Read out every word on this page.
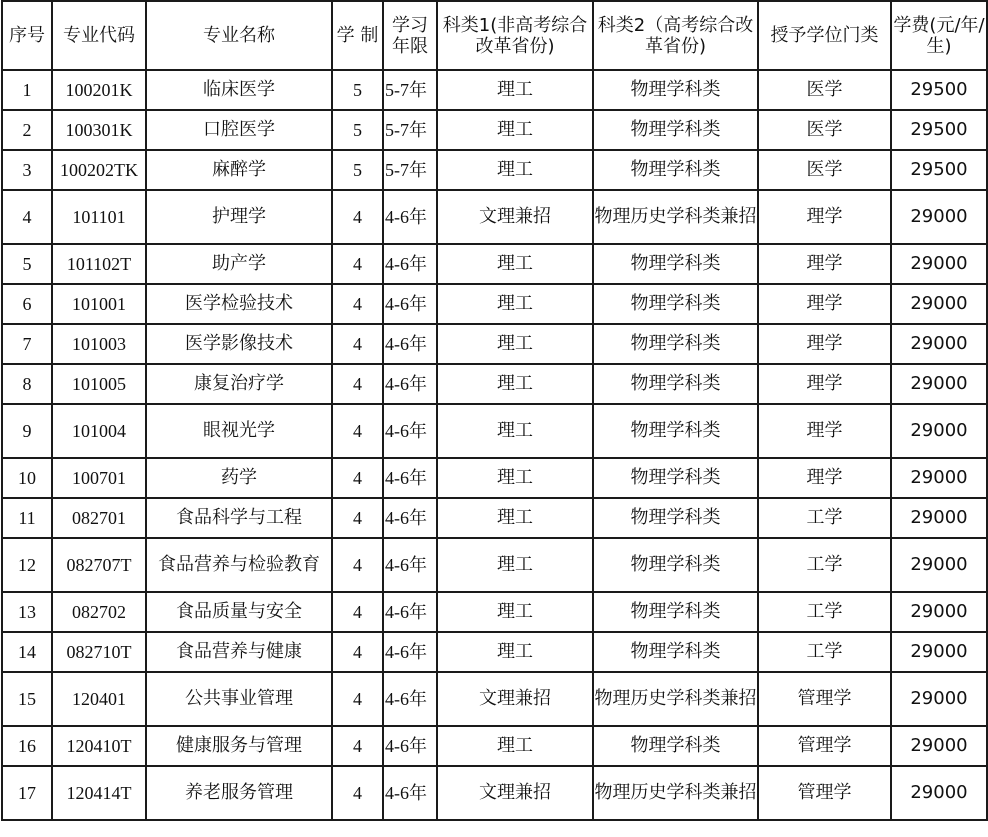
序号	专业代码	专业名称	学 制	学习年限	科类1(非高考综合改革省份)	科类2（高考综合改革省份)	授予学位门类	学费(元/年/生)
1	100201K	临床医学	5	5-7年	理工	物理学科类	医学	29500
2	100301K	口腔医学	5	5-7年	理工	物理学科类	医学	29500
3	100202TK	麻醉学	5	5-7年	理工	物理学科类	医学	29500
4	101101	护理学	4	4-6年	文理兼招	物理历史学科类兼招	理学	29000
5	101102T	助产学	4	4-6年	理工	物理学科类	理学	29000
6	101001	医学检验技术	4	4-6年	理工	物理学科类	理学	29000
7	101003	医学影像技术	4	4-6年	理工	物理学科类	理学	29000
8	101005	康复治疗学	4	4-6年	理工	物理学科类	理学	29000
9	101004	眼视光学	4	4-6年	理工	物理学科类	理学	29000
10	100701	药学	4	4-6年	理工	物理学科类	理学	29000
11	082701	食品科学与工程	4	4-6年	理工	物理学科类	工学	29000
12	082707T	食品营养与检验教育	4	4-6年	理工	物理学科类	工学	29000
13	082702	食品质量与安全	4	4-6年	理工	物理学科类	工学	29000
14	082710T	食品营养与健康	4	4-6年	理工	物理学科类	工学	29000
15	120401	公共事业管理	4	4-6年	文理兼招	物理历史学科类兼招	管理学	29000
16	120410T	健康服务与管理	4	4-6年	理工	物理学科类	管理学	29000
17	120414T	养老服务管理	4	4-6年	文理兼招	物理历史学科类兼招	管理学	29000
